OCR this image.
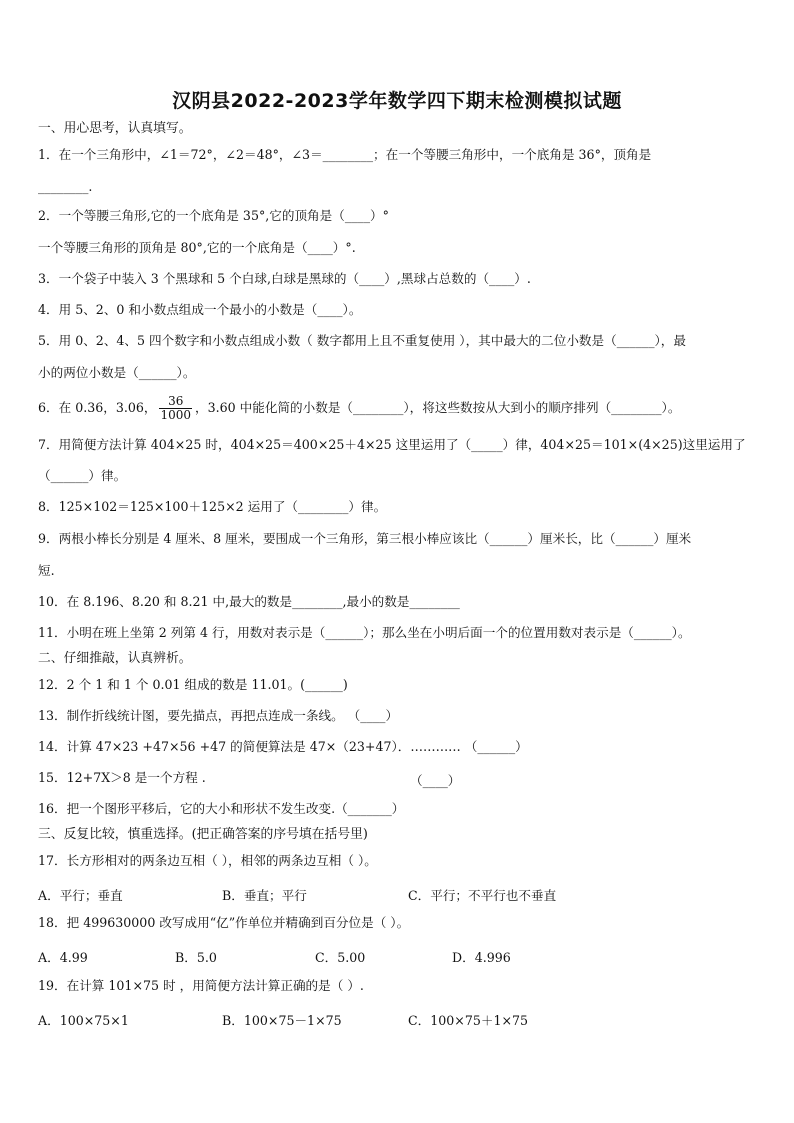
汉阴县2022-2023学年数学四下期末检测模拟试题
一、用心思考，认真填写。
1．在一个三角形中，∠1＝72°，∠2＝48°，∠3＝________；在一个等腰三角形中，一个底角是 36°，顶角是
________.
2．一个等腰三角形,它的一个底角是 35°,它的顶角是（____）°
一个等腰三角形的顶角是 80°,它的一个底角是（____）°.
3．一个袋子中装入 3 个黑球和 5 个白球,白球是黑球的（____）,黑球占总数的（____）.
4．用 5、2、0 和小数点组成一个最小的小数是（____）。
5．用 0、2、4、5 四个数字和小数点组成小数（ 数字都用上且不重复使用 ），其中最大的二位小数是（______），最
小的两位小数是（______）。
6．在 0.36，3.06， $\frac{36}{1000}$ ，3.60 中能化简的小数是（________），将这些数按从大到小的顺序排列（________）。
7．用简便方法计算 404×25 时，404×25＝400×25＋4×25 这里运用了（_____）律，404×25＝101×(4×25)这里运用了
（______）律。
8．125×102＝125×100＋125×2 运用了（________）律。
9．两根小棒长分别是 4 厘米、8 厘米，要围成一个三角形，第三根小棒应该比（______）厘米长，比（______）厘米
短.
10．在 8.196、8.20 和 8.21 中,最大的数是________,最小的数是________
11．小明在班上坐第 2 列第 4 行，用数对表示是（______）；那么坐在小明后面一个的位置用数对表示是（______）。
二、仔细推敲，认真辨析。
12．2 个 1 和 1 个 0.01 组成的数是 11.01。(______)
13．制作折线统计图，要先描点，再把点连成一条线。 （____）
14．计算 47×23 +47×56 +47 的简便算法是 47×（23+47）．………… （______）
15．12+7X＞8 是一个方程 .	（____）
16．把一个图形平移后，它的大小和形状不发生改变.（_______）
三、反复比较，慎重选择。(把正确答案的序号填在括号里)
17．长方形相对的两条边互相（ ），相邻的两条边互相（ ）。
A．平行；垂直	B．垂直；平行	C．平行；不平行也不垂直
18．把 499630000 改写成用“亿”作单位并精确到百分位是（ ）。
A．4.99	B．5.0	C．5.00	D．4.996
19．在计算 101×75 时 ，用简便方法计算正确的是（ ）.
A．100×75×1	B．100×75－1×75	C．100×75＋1×75
